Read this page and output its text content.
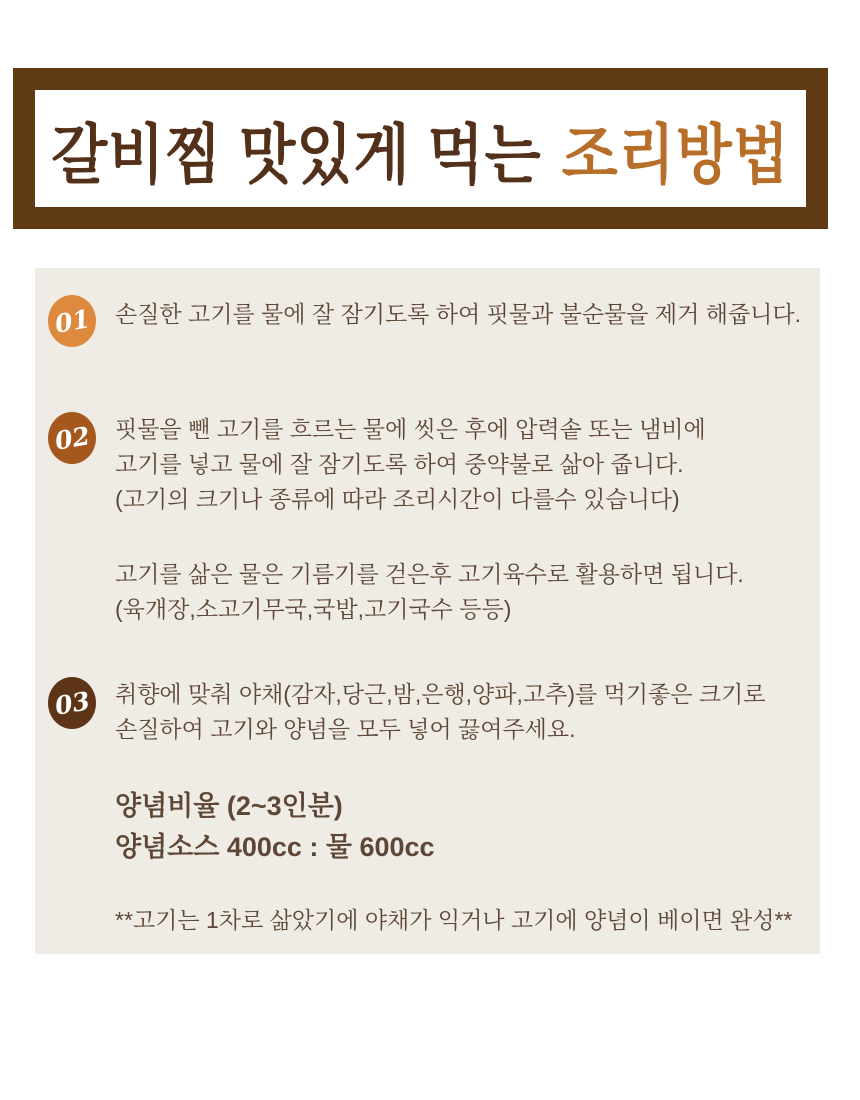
갈비찜 맛있게 먹는 조리방법
01 손질한 고기를 물에 잘 잠기도록 하여 핏물과 불순물을 제거 해줍니다.
02 핏물을 뺀 고기를 흐르는 물에 씻은 후에 압력솥 또는 냄비에
고기를 넣고 물에 잘 잠기도록 하여 중약불로 삶아 줍니다.
(고기의 크기나 종류에 따라 조리시간이 다를수 있습니다)
고기를 삶은 물은 기름기를 걷은후 고기육수로 활용하면 됩니다.
(육개장,소고기무국,국밥,고기국수 등등)
03 취향에 맞춰 야채(감자,당근,밤,은행,양파,고추)를 먹기좋은 크기로
손질하여 고기와 양념을 모두 넣어 끓여주세요.
양념비율 (2~3인분)
양념소스 400cc : 물 600cc
**고기는 1차로 삶았기에 야채가 익거나 고기에 양념이 베이면 완성**
